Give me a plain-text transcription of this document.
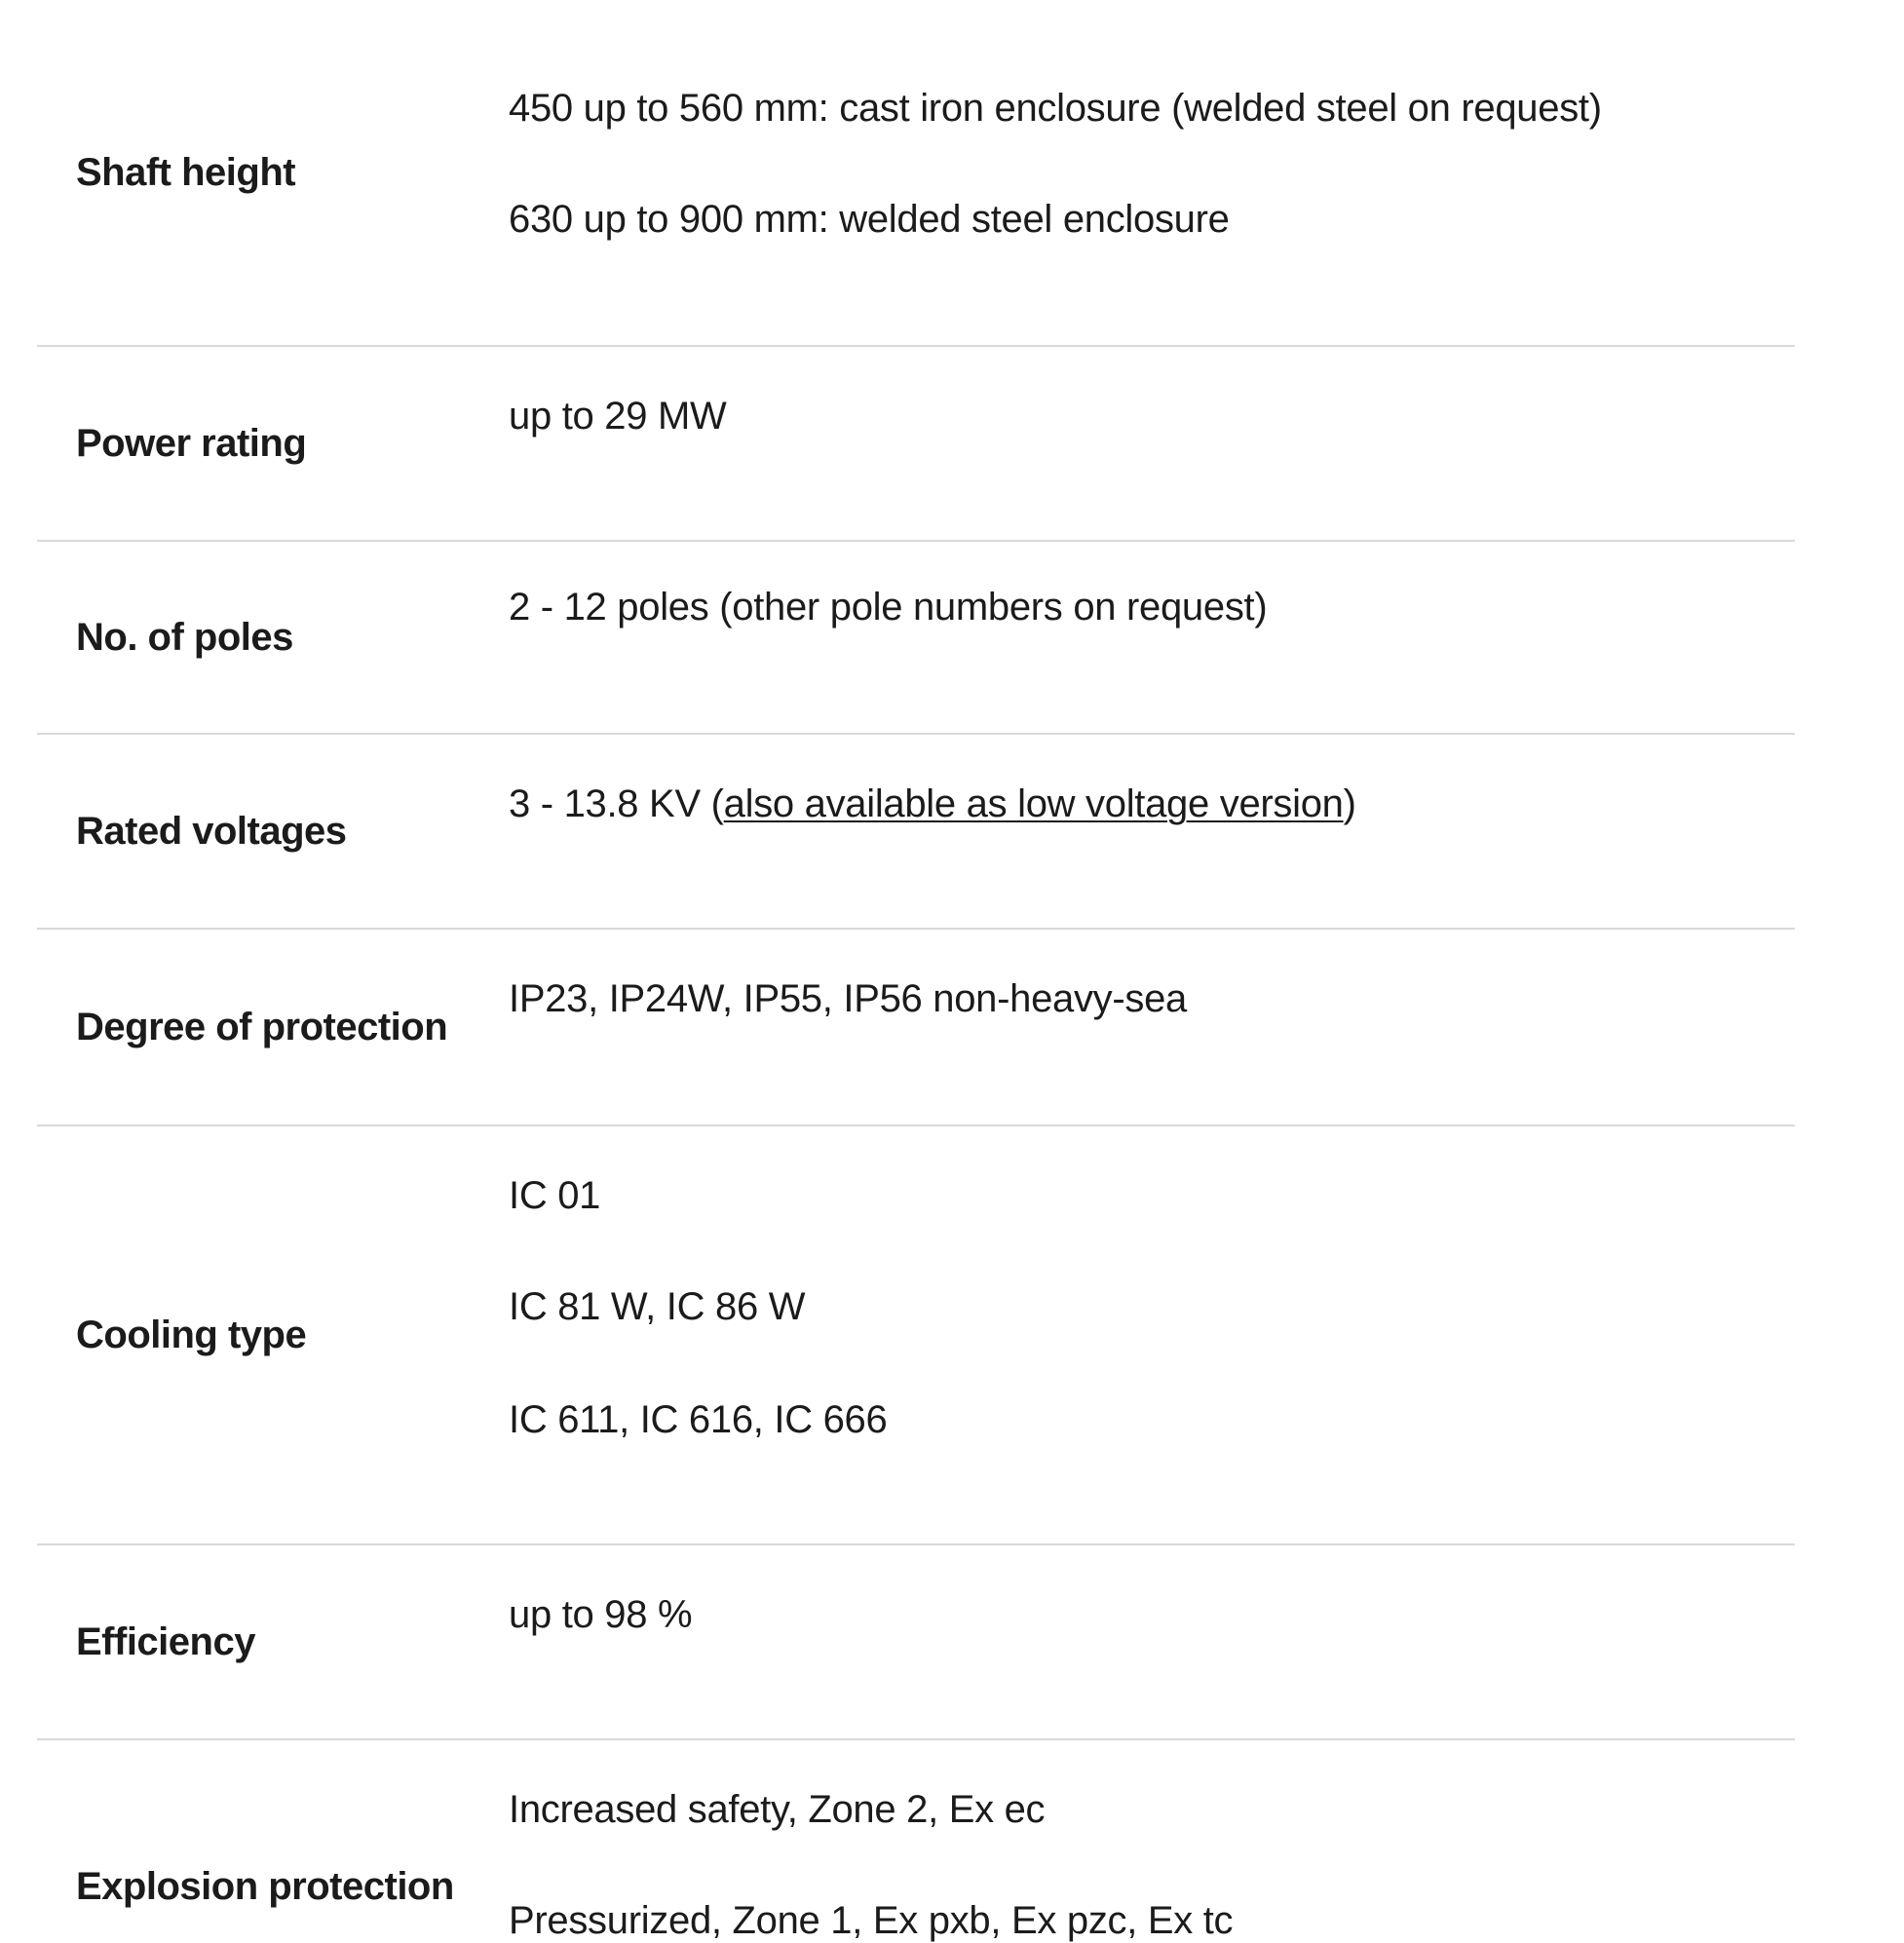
Shaft height

450 up to 560 mm: cast iron enclosure (welded steel on request)

630 up to 900 mm: welded steel enclosure

Power rating

up to 29 MW

No. of poles

2 - 12 poles (other pole numbers on request)

Rated voltages

3 - 13.8 KV (also available as low voltage version)

Degree of protection

IP23, IP24W, IP55, IP56 non-heavy-sea

Cooling type

IC 01

IC 81 W, IC 86 W

IC 611, IC 616, IC 666

Efficiency

up to 98 %

Explosion protection

Increased safety, Zone 2, Ex ec

Pressurized, Zone 1, Ex pxb, Ex pzc, Ex tc
